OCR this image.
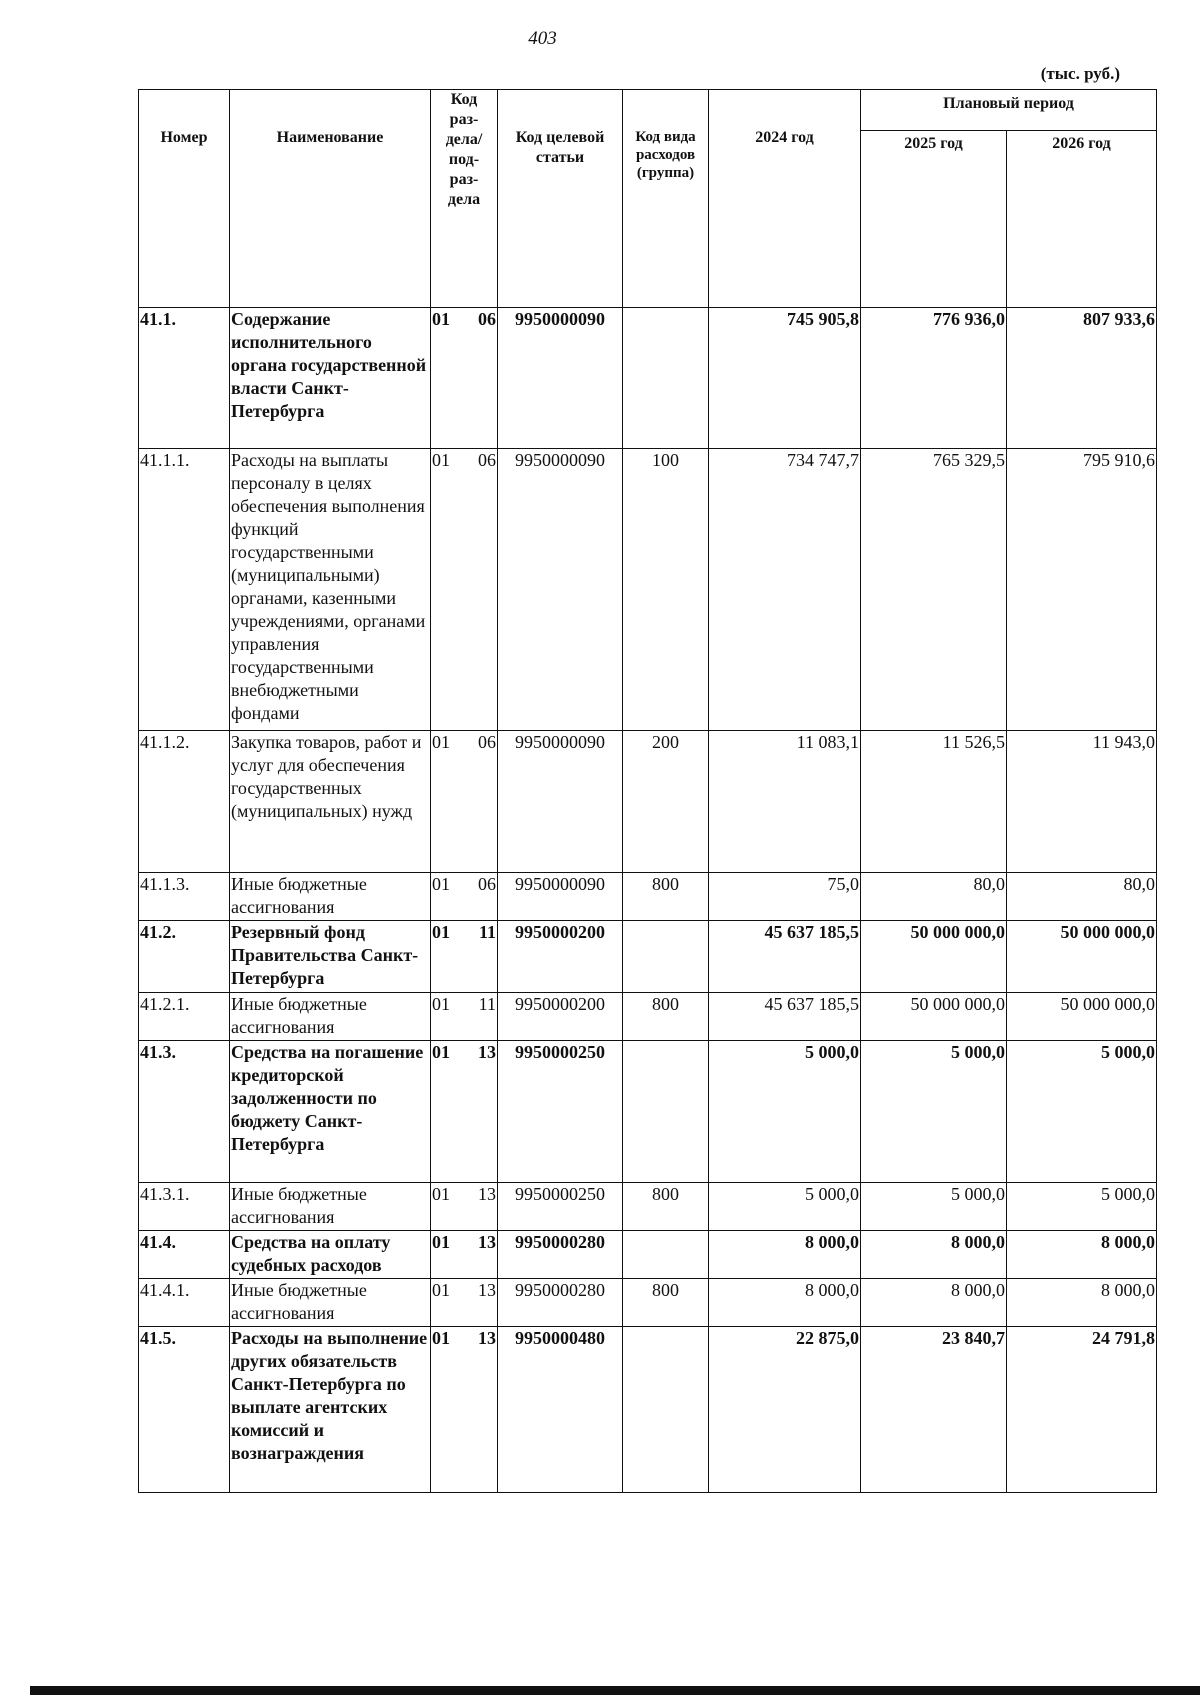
403
(тыс. руб.)
Номер	Наименование	Код раз-дела/ под-раз-дела	Код целевой статьи	Код вида расходов (группа)	2024 год	Плановый период	
						2025 год	2026 год
41.1.	Содержание исполнительного органа государственной власти Санкт-Петербурга	01 06	9950000090		745 905,8	776 936,0	807 933,6
41.1.1.	Расходы на выплаты персоналу в целях обеспечения выполнения функций государственными (муниципальными) органами, казенными учреждениями, органами управления государственными внебюджетными фондами	01 06	9950000090	100	734 747,7	765 329,5	795 910,6
41.1.2.	Закупка товаров, работ и услуг для обеспечения государственных (муниципальных) нужд	01 06	9950000090	200	11 083,1	11 526,5	11 943,0
41.1.3.	Иные бюджетные ассигнования	01 06	9950000090	800	75,0	80,0	80,0
41.2.	Резервный фонд Правительства Санкт-Петербурга	01 11	9950000200		45 637 185,5	50 000 000,0	50 000 000,0
41.2.1.	Иные бюджетные ассигнования	01 11	9950000200	800	45 637 185,5	50 000 000,0	50 000 000,0
41.3.	Средства на погашение кредиторской задолженности по бюджету Санкт-Петербурга	01 13	9950000250		5 000,0	5 000,0	5 000,0
41.3.1.	Иные бюджетные ассигнования	01 13	9950000250	800	5 000,0	5 000,0	5 000,0
41.4.	Средства на оплату судебных расходов	01 13	9950000280		8 000,0	8 000,0	8 000,0
41.4.1.	Иные бюджетные ассигнования	01 13	9950000280	800	8 000,0	8 000,0	8 000,0
41.5.	Расходы на выполнение других обязательств Санкт-Петербурга по выплате агентских комиссий и вознаграждения	01 13	9950000480		22 875,0	23 840,7	24 791,8
